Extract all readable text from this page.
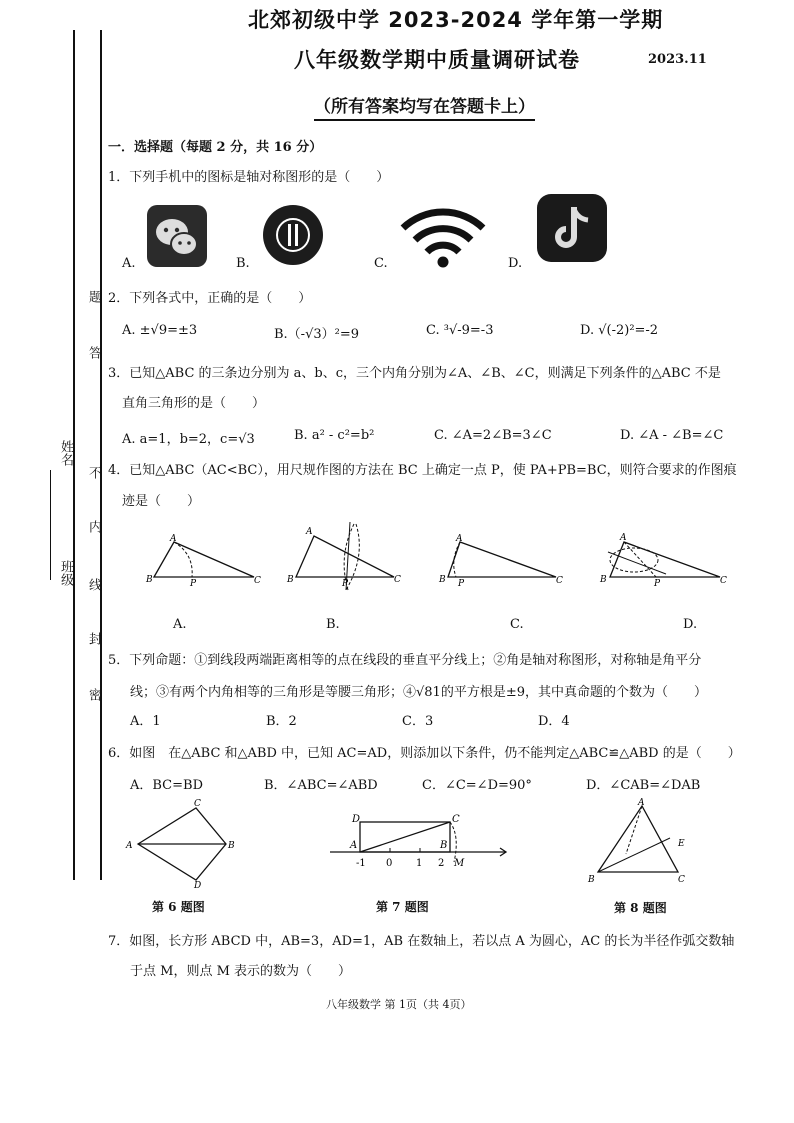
班级
姓名
密
封
线
内
不
答
题
北郊初级中学 2023-2024 学年第一学期
八年级数学期中质量调研试卷	2023.11
（所有答案均写在答题卡上）
一．选择题（每题 2 分，共 16 分）
1．下列手机中的图标是轴对称图形的是（　　）
A.	B.	C.	D.
2．下列各式中，正确的是（　　）
A. ±√9=±3	B.（-√3）²=9	C. ³√-9=-3	D. √(-2)²=-2
3．已知△ABC 的三条边分别为 a、b、c，三个内角分别为∠A、∠B、∠C，则满足下列条件的△ABC 不是
直角三角形的是（　　）
A. a=1，b=2，c=√3	B. a² - c²=b²	C. ∠A=2∠B=3∠C	D. ∠A - ∠B=∠C
4．已知△ABC（AC<BC），用尺规作图的方法在 BC 上确定一点 P，使 PA+PB=BC，则符合要求的作图痕
迹是（　　）
A
B	C
P
A
B	C
P
A
B	C
P
A
B	C
P
A.	B.	C.	D.
5．下列命题：①到线段两端距离相等的点在线段的垂直平分线上；②角是轴对称图形，对称轴是角平分
线；③有两个内角相等的三角形是等腰三角形；④√81的平方根是±9，其中真命题的个数为（　　）
A．1	B．2	C．3	D．4
6．如图　在△ABC 和△ABD 中，已知 AC=AD，则添加以下条件，仍不能判定△ABC≌△ABD 的是（　　）
A．BC=BD	B．∠ABC=∠ABD	C．∠C=∠D=90°	D．∠CAB=∠DAB
A	B
C
D
D	C
A	B
M
-1 0 1 2
A
B	C
E
第 6 题图	第 7 题图	第 8 题图
7．如图，长方形 ABCD 中，AB=3，AD=1，AB 在数轴上，若以点 A 为圆心，AC 的长为半径作弧交数轴
于点 M，则点 M 表示的数为（　　）
八年级数学 第 1页（共 4页）
